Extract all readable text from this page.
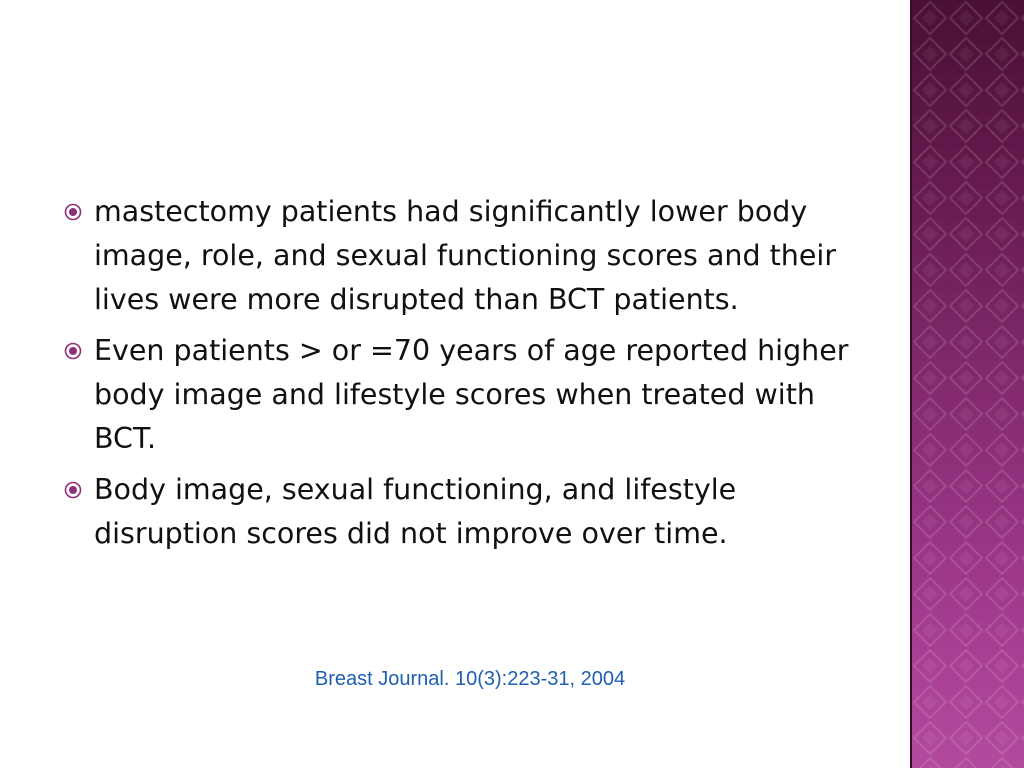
mastectomy patients had significantly lower body image, role, and sexual functioning scores and their lives were more disrupted than BCT patients.
Even patients > or =70 years of age reported higher body image and lifestyle scores when treated with BCT.
Body image, sexual functioning, and lifestyle disruption scores did not improve over time.
Breast Journal. 10(3):223-31, 2004
